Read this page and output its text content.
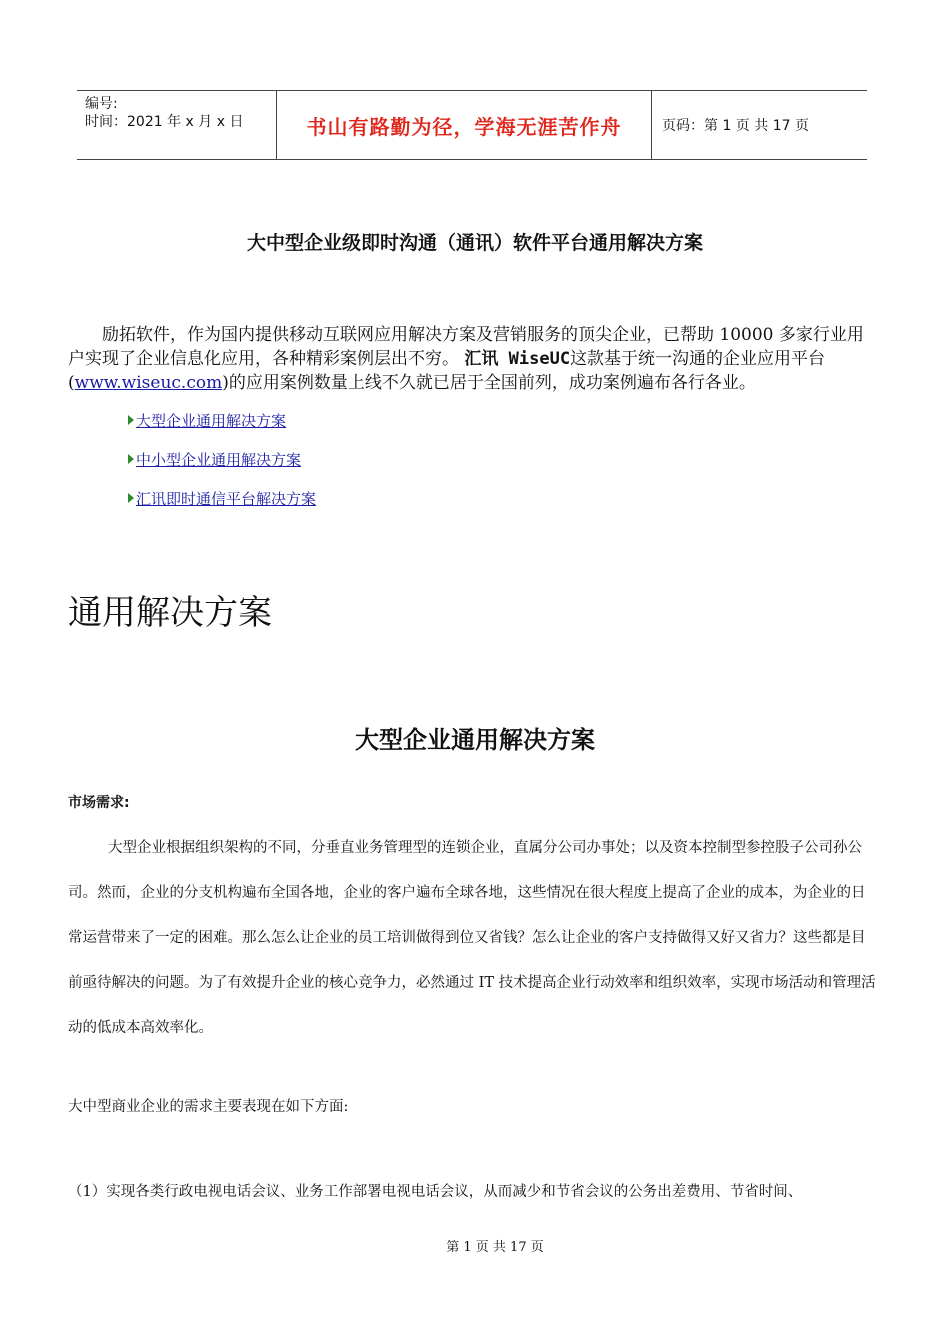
编号:
时间：2021 年 x 月 x 日	书山有路勤为径，学海无涯苦作舟	页码：第 1 页 共 17 页
大中型企业级即时沟通（通讯）软件平台通用解决方案
励拓软件，作为国内提供移动互联网应用解决方案及营销服务的顶尖企业，已帮助 10000 多家行业用户实现了企业信息化应用，各种精彩案例层出不穷。 汇讯 WiseUC这款基于统一沟通的企业应用平台(www.wiseuc.com)的应用案例数量上线不久就已居于全国前列，成功案例遍布各行各业。
大型企业通用解决方案
中小型企业通用解决方案
汇讯即时通信平台解决方案
通用解决方案
大型企业通用解决方案
市场需求:
大型企业根据组织架构的不同，分垂直业务管理型的连锁企业，直属分公司办事处；以及资本控制型参控股子公司孙公司。然而，企业的分支机构遍布全国各地，企业的客户遍布全球各地，这些情况在很大程度上提高了企业的成本，为企业的日常运营带来了一定的困难。那么怎么让企业的员工培训做得到位又省钱？怎么让企业的客户支持做得又好又省力？这些都是目前亟待解决的问题。为了有效提升企业的核心竞争力，必然通过 IT 技术提高企业行动效率和组织效率，实现市场活动和管理活动的低成本高效率化。
大中型商业企业的需求主要表现在如下方面:
（1）实现各类行政电视电话会议、业务工作部署电视电话会议，从而减少和节省会议的公务出差费用、节省时间、
第 1 页 共 17 页
